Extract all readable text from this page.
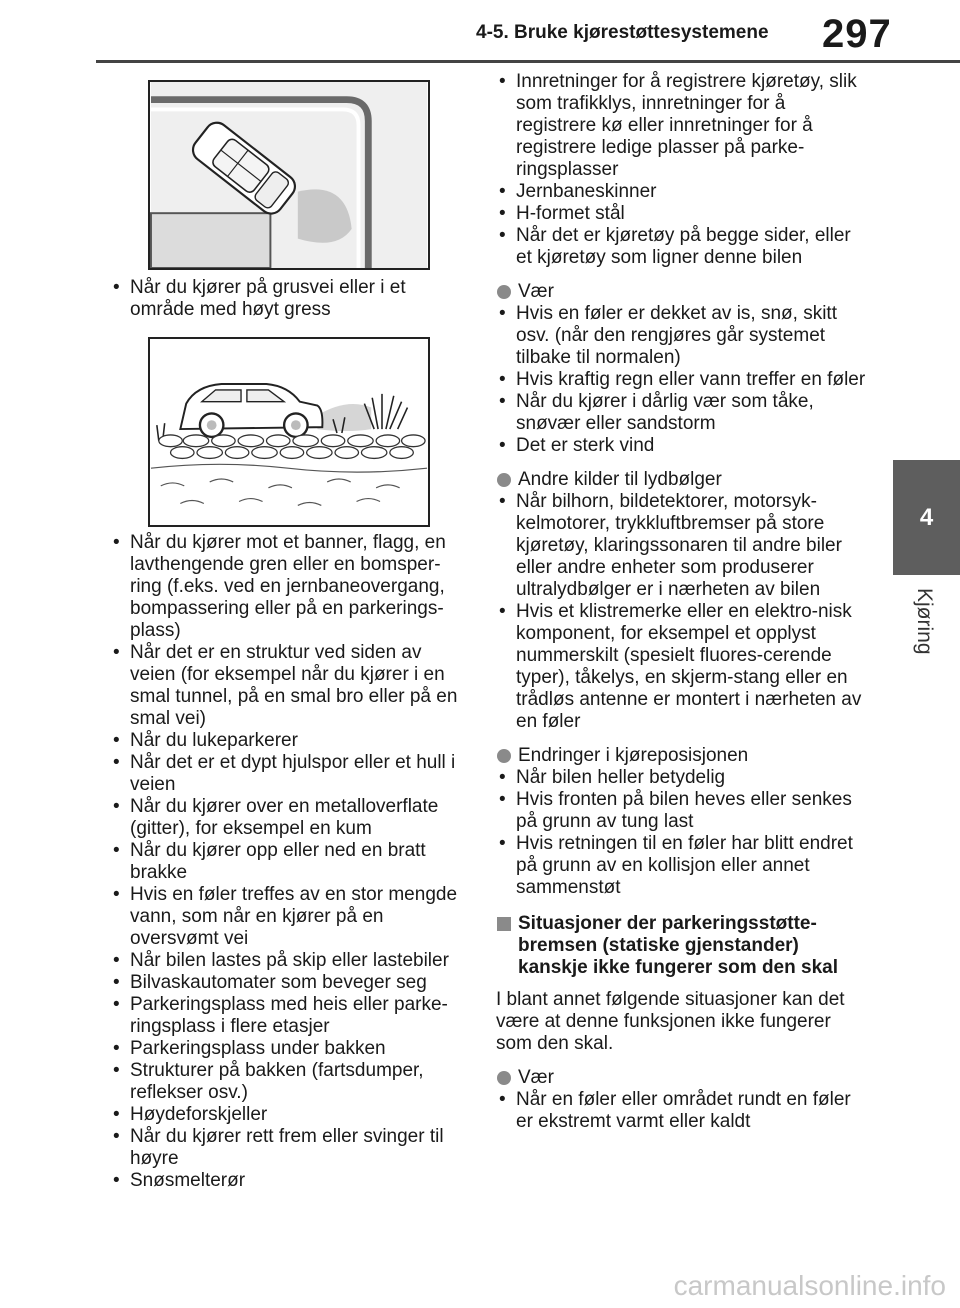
4-5. Bruke kjørestøttesystemene 297
4
Kjøring
• Når du kjører på grusvei eller i et område med høyt gress
• Når du kjører mot et banner, flagg, en lavthengende gren eller en bomsper-ring (f.eks. ved en jernbaneovergang, bompassering eller på en parkerings-plass)
• Når det er en struktur ved siden av veien (for eksempel når du kjører i en smal tunnel, på en smal bro eller på en smal vei)
• Når du lukeparkerer
• Når det er et dypt hjulspor eller et hull i veien
• Når du kjører over en metalloverflate (gitter), for eksempel en kum
• Når du kjører opp eller ned en bratt brakke
• Hvis en føler treffes av en stor mengde vann, som når en kjører på en oversvømt vei
• Når bilen lastes på skip eller lastebiler
• Bilvaskautomater som beveger seg
• Parkeringsplass med heis eller parke-ringsplass i flere etasjer
• Parkeringsplass under bakken
• Strukturer på bakken (fartsdumper, reflekser osv.)
• Høydeforskjeller
• Når du kjører rett frem eller svinger til høyre
• Snøsmelterør
• Innretninger for å registrere kjøretøy, slik som trafikklys, innretninger for å registrere kø eller innretninger for å registrere ledige plasser på parke-ringsplasser
• Jernbaneskinner
• H-formet stål
• Når det er kjøretøy på begge sider, eller et kjøretøy som ligner denne bilen
Vær
• Hvis en føler er dekket av is, snø, skitt osv. (når den rengjøres går systemet tilbake til normalen)
• Hvis kraftig regn eller vann treffer en føler
• Når du kjører i dårlig vær som tåke, snøvær eller sandstorm
• Det er sterk vind
Andre kilder til lydbølger
• Når bilhorn, bildetektorer, motorsyk-kelmotorer, trykkluftbremser på store kjøretøy, klaringssonaren til andre biler eller andre enheter som produserer ultralydbølger er i nærheten av bilen
• Hvis et klistremerke eller en elektro-nisk komponent, for eksempel et opplyst nummerskilt (spesielt fluores-cerende typer), tåkelys, en skjerm-stang eller en trådløs antenne er montert i nærheten av en føler
Endringer i kjøreposisjonen
• Når bilen heller betydelig
• Hvis fronten på bilen heves eller senkes på grunn av tung last
• Hvis retningen til en føler har blitt endret på grunn av en kollisjon eller annet sammenstøt
Situasjoner der parkeringsstøtte-bremsen (statiske gjenstander) kanskje ikke fungerer som den skal
I blant annet følgende situasjoner kan det være at denne funksjonen ikke fungerer som den skal.
Vær
• Når en føler eller området rundt en føler er ekstremt varmt eller kaldt
carmanualsonline.info
